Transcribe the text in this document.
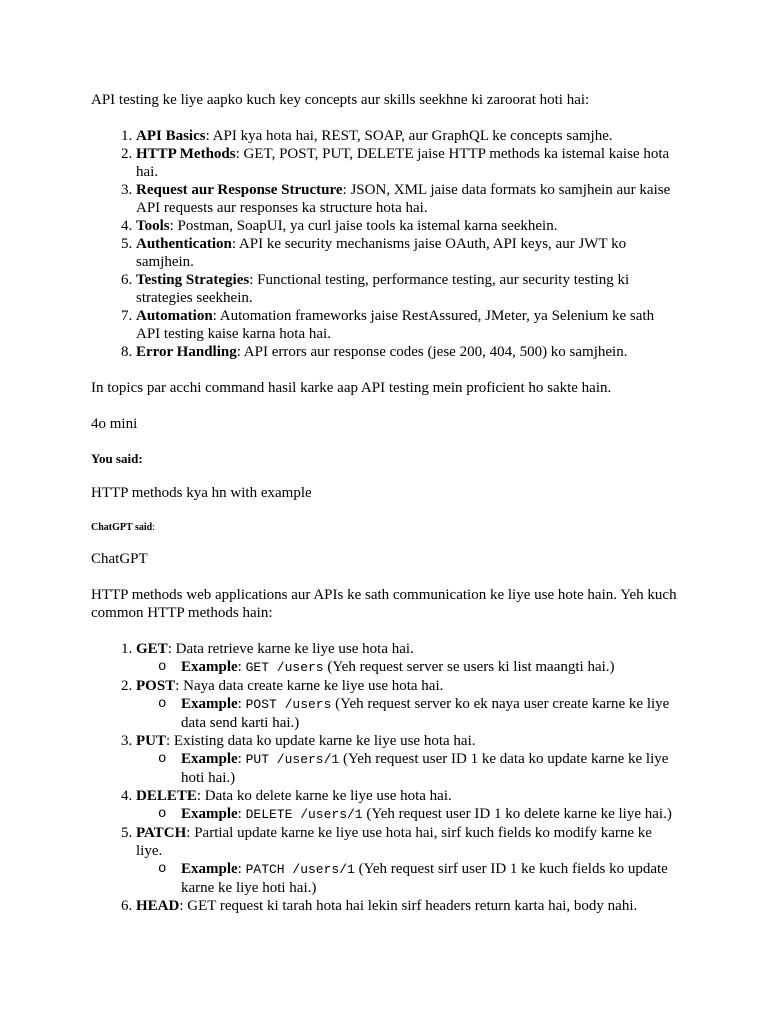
API testing ke liye aapko kuch key concepts aur skills seekhne ki zaroorat hoti hai:

1. API Basics: API kya hota hai, REST, SOAP, aur GraphQL ke concepts samjhe.
2. HTTP Methods: GET, POST, PUT, DELETE jaise HTTP methods ka istemal kaise hota hai.
3. Request aur Response Structure: JSON, XML jaise data formats ko samjhein aur kaise API requests aur responses ka structure hota hai.
4. Tools: Postman, SoapUI, ya curl jaise tools ka istemal karna seekhein.
5. Authentication: API ke security mechanisms jaise OAuth, API keys, aur JWT ko samjhein.
6. Testing Strategies: Functional testing, performance testing, aur security testing ki strategies seekhein.
7. Automation: Automation frameworks jaise RestAssured, JMeter, ya Selenium ke sath API testing kaise karna hota hai.
8. Error Handling: API errors aur response codes (jese 200, 404, 500) ko samjhein.

In topics par acchi command hasil karke aap API testing mein proficient ho sakte hain.

4o mini

You said:

HTTP methods kya hn with example

ChatGPT said:

ChatGPT

HTTP methods web applications aur APIs ke sath communication ke liye use hote hain. Yeh kuch common HTTP methods hain:

1. GET: Data retrieve karne ke liye use hota hai.
o Example: GET /users (Yeh request server se users ki list maangti hai.)
2. POST: Naya data create karne ke liye use hota hai.
o Example: POST /users (Yeh request server ko ek naya user create karne ke liye data send karti hai.)
3. PUT: Existing data ko update karne ke liye use hota hai.
o Example: PUT /users/1 (Yeh request user ID 1 ke data ko update karne ke liye hoti hai.)
4. DELETE: Data ko delete karne ke liye use hota hai.
o Example: DELETE /users/1 (Yeh request user ID 1 ko delete karne ke liye hai.)
5. PATCH: Partial update karne ke liye use hota hai, sirf kuch fields ko modify karne ke liye.
o Example: PATCH /users/1 (Yeh request sirf user ID 1 ke kuch fields ko update karne ke liye hoti hai.)
6. HEAD: GET request ki tarah hota hai lekin sirf headers return karta hai, body nahi.
